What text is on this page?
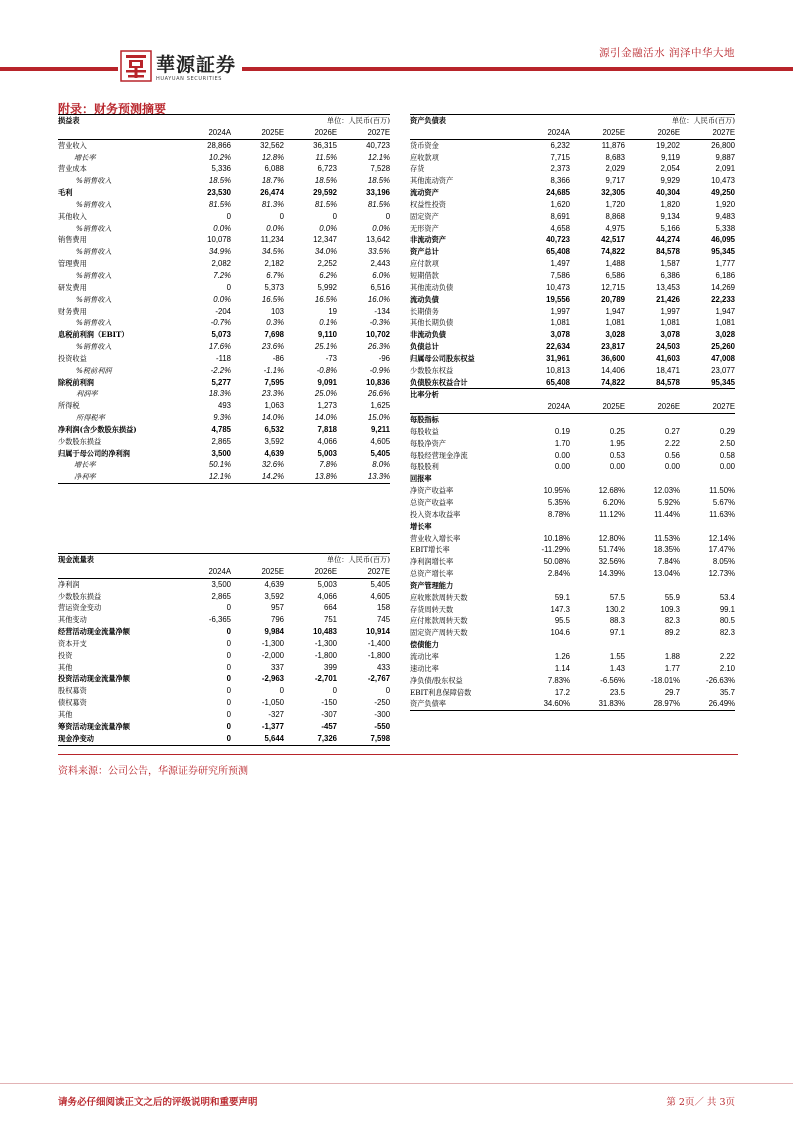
華源証券
HUAYUAN SECURITIES
源引金融活水 润泽中华大地
附录：财务预测摘要
损益表		单位：人民币(百万)		
	2024A	2025E	2026E	2027E
营业收入	28,866	32,562	36,315	40,723
增长率	10.2%	12.8%	11.5%	12.1%
营业成本	5,336	6,088	6,723	7,528
%销售收入	18.5%	18.7%	18.5%	18.5%
毛利	23,530	26,474	29,592	33,196
%销售收入	81.5%	81.3%	81.5%	81.5%
其他收入	0	0	0	0
%销售收入	0.0%	0.0%	0.0%	0.0%
销售费用	10,078	11,234	12,347	13,642
%销售收入	34.9%	34.5%	34.0%	33.5%
管理费用	2,082	2,182	2,252	2,443
%销售收入	7.2%	6.7%	6.2%	6.0%
研发费用	0	5,373	5,992	6,516
%销售收入	0.0%	16.5%	16.5%	16.0%
财务费用	-204	103	19	-134
%销售收入	-0.7%	0.3%	0.1%	-0.3%
息税前利润（EBIT）	5,073	7,698	9,110	10,702
%销售收入	17.6%	23.6%	25.1%	26.3%
投资收益	-118	-86	-73	-96
%税前利润	-2.2%	-1.1%	-0.8%	-0.9%
除税前利润	5,277	7,595	9,091	10,836
利润率	18.3%	23.3%	25.0%	26.6%
所得税	493	1,063	1,273	1,625
所得税率	9.3%	14.0%	14.0%	15.0%
净利润(含少数股东损益)	4,785	6,532	7,818	9,211
少数股东损益	2,865	3,592	4,066	4,605
归属于母公司的净利润	3,500	4,639	5,003	5,405
增长率	50.1%	32.6%	7.8%	8.0%
净利率	12.1%	14.2%	13.8%	13.3%
现金流量表		单位：人民币(百万)		
	2024A	2025E	2026E	2027E
净利润	3,500	4,639	5,003	5,405
少数股东损益	2,865	3,592	4,066	4,605
营运资金变动	0	957	664	158
其他变动	-6,365	796	751	745
经营活动现金流量净额	0	9,984	10,483	10,914
资本开支	0	-1,300	-1,300	-1,400
投资	0	-2,000	-1,800	-1,800
其他	0	337	399	433
投资活动现金流量净额	0	-2,963	-2,701	-2,767
股权募资	0	0	0	0
债权募资	0	-1,050	-150	-250
其他	0	-327	-307	-300
筹资活动现金流量净额	0	-1,377	-457	-550
现金净变动	0	5,644	7,326	7,598
资产负债表		单位：人民币(百万)		
	2024A	2025E	2026E	2027E
货币资金	6,232	11,876	19,202	26,800
应收款项	7,715	8,683	9,119	9,887
存货	2,373	2,029	2,054	2,091
其他流动资产	8,366	9,717	9,929	10,473
流动资产	24,685	32,305	40,304	49,250
权益性投资	1,620	1,720	1,820	1,920
固定资产	8,691	8,868	9,134	9,483
无形资产	4,658	4,975	5,166	5,338
非流动资产	40,723	42,517	44,274	46,095
资产总计	65,408	74,822	84,578	95,345
应付款项	1,497	1,488	1,587	1,777
短期借款	7,586	6,586	6,386	6,186
其他流动负债	10,473	12,715	13,453	14,269
流动负债	19,556	20,789	21,426	22,233
长期债务	1,997	1,947	1,997	1,947
其他长期负债	1,081	1,081	1,081	1,081
非流动负债	3,078	3,028	3,078	3,028
负债总计	22,634	23,817	24,503	25,260
归属母公司股东权益	31,961	36,600	41,603	47,008
少数股东权益	10,813	14,406	18,471	23,077
负债股东权益合计	65,408	74,822	84,578	95,345
比率分析				
	2024A	2025E	2026E	2027E
每股指标				
每股收益	0.19	0.25	0.27	0.29
每股净资产	1.70	1.95	2.22	2.50
每股经营现金净流	0.00	0.53	0.56	0.58
每股股利	0.00	0.00	0.00	0.00
回报率				
净资产收益率	10.95%	12.68%	12.03%	11.50%
总资产收益率	5.35%	6.20%	5.92%	5.67%
投入资本收益率	8.78%	11.12%	11.44%	11.63%
增长率				
营业收入增长率	10.18%	12.80%	11.53%	12.14%
EBIT增长率	-11.29%	51.74%	18.35%	17.47%
净利润增长率	50.08%	32.56%	7.84%	8.05%
总资产增长率	2.84%	14.39%	13.04%	12.73%
资产管理能力				
应收账款周转天数	59.1	57.5	55.9	53.4
存货周转天数	147.3	130.2	109.3	99.1
应付账款周转天数	95.5	88.3	82.3	80.5
固定资产周转天数	104.6	97.1	89.2	82.3
偿债能力				
流动比率	1.26	1.55	1.88	2.22
速动比率	1.14	1.43	1.77	2.10
净负债/股东权益	7.83%	-6.56%	-18.01%	-26.63%
EBIT利息保障倍数	17.2	23.5	29.7	35.7
资产负债率	34.60%	31.83%	28.97%	26.49%
资料来源：公司公告，华源证券研究所预测
请务必仔细阅读正文之后的评级说明和重要声明	第 2页／ 共 3页
